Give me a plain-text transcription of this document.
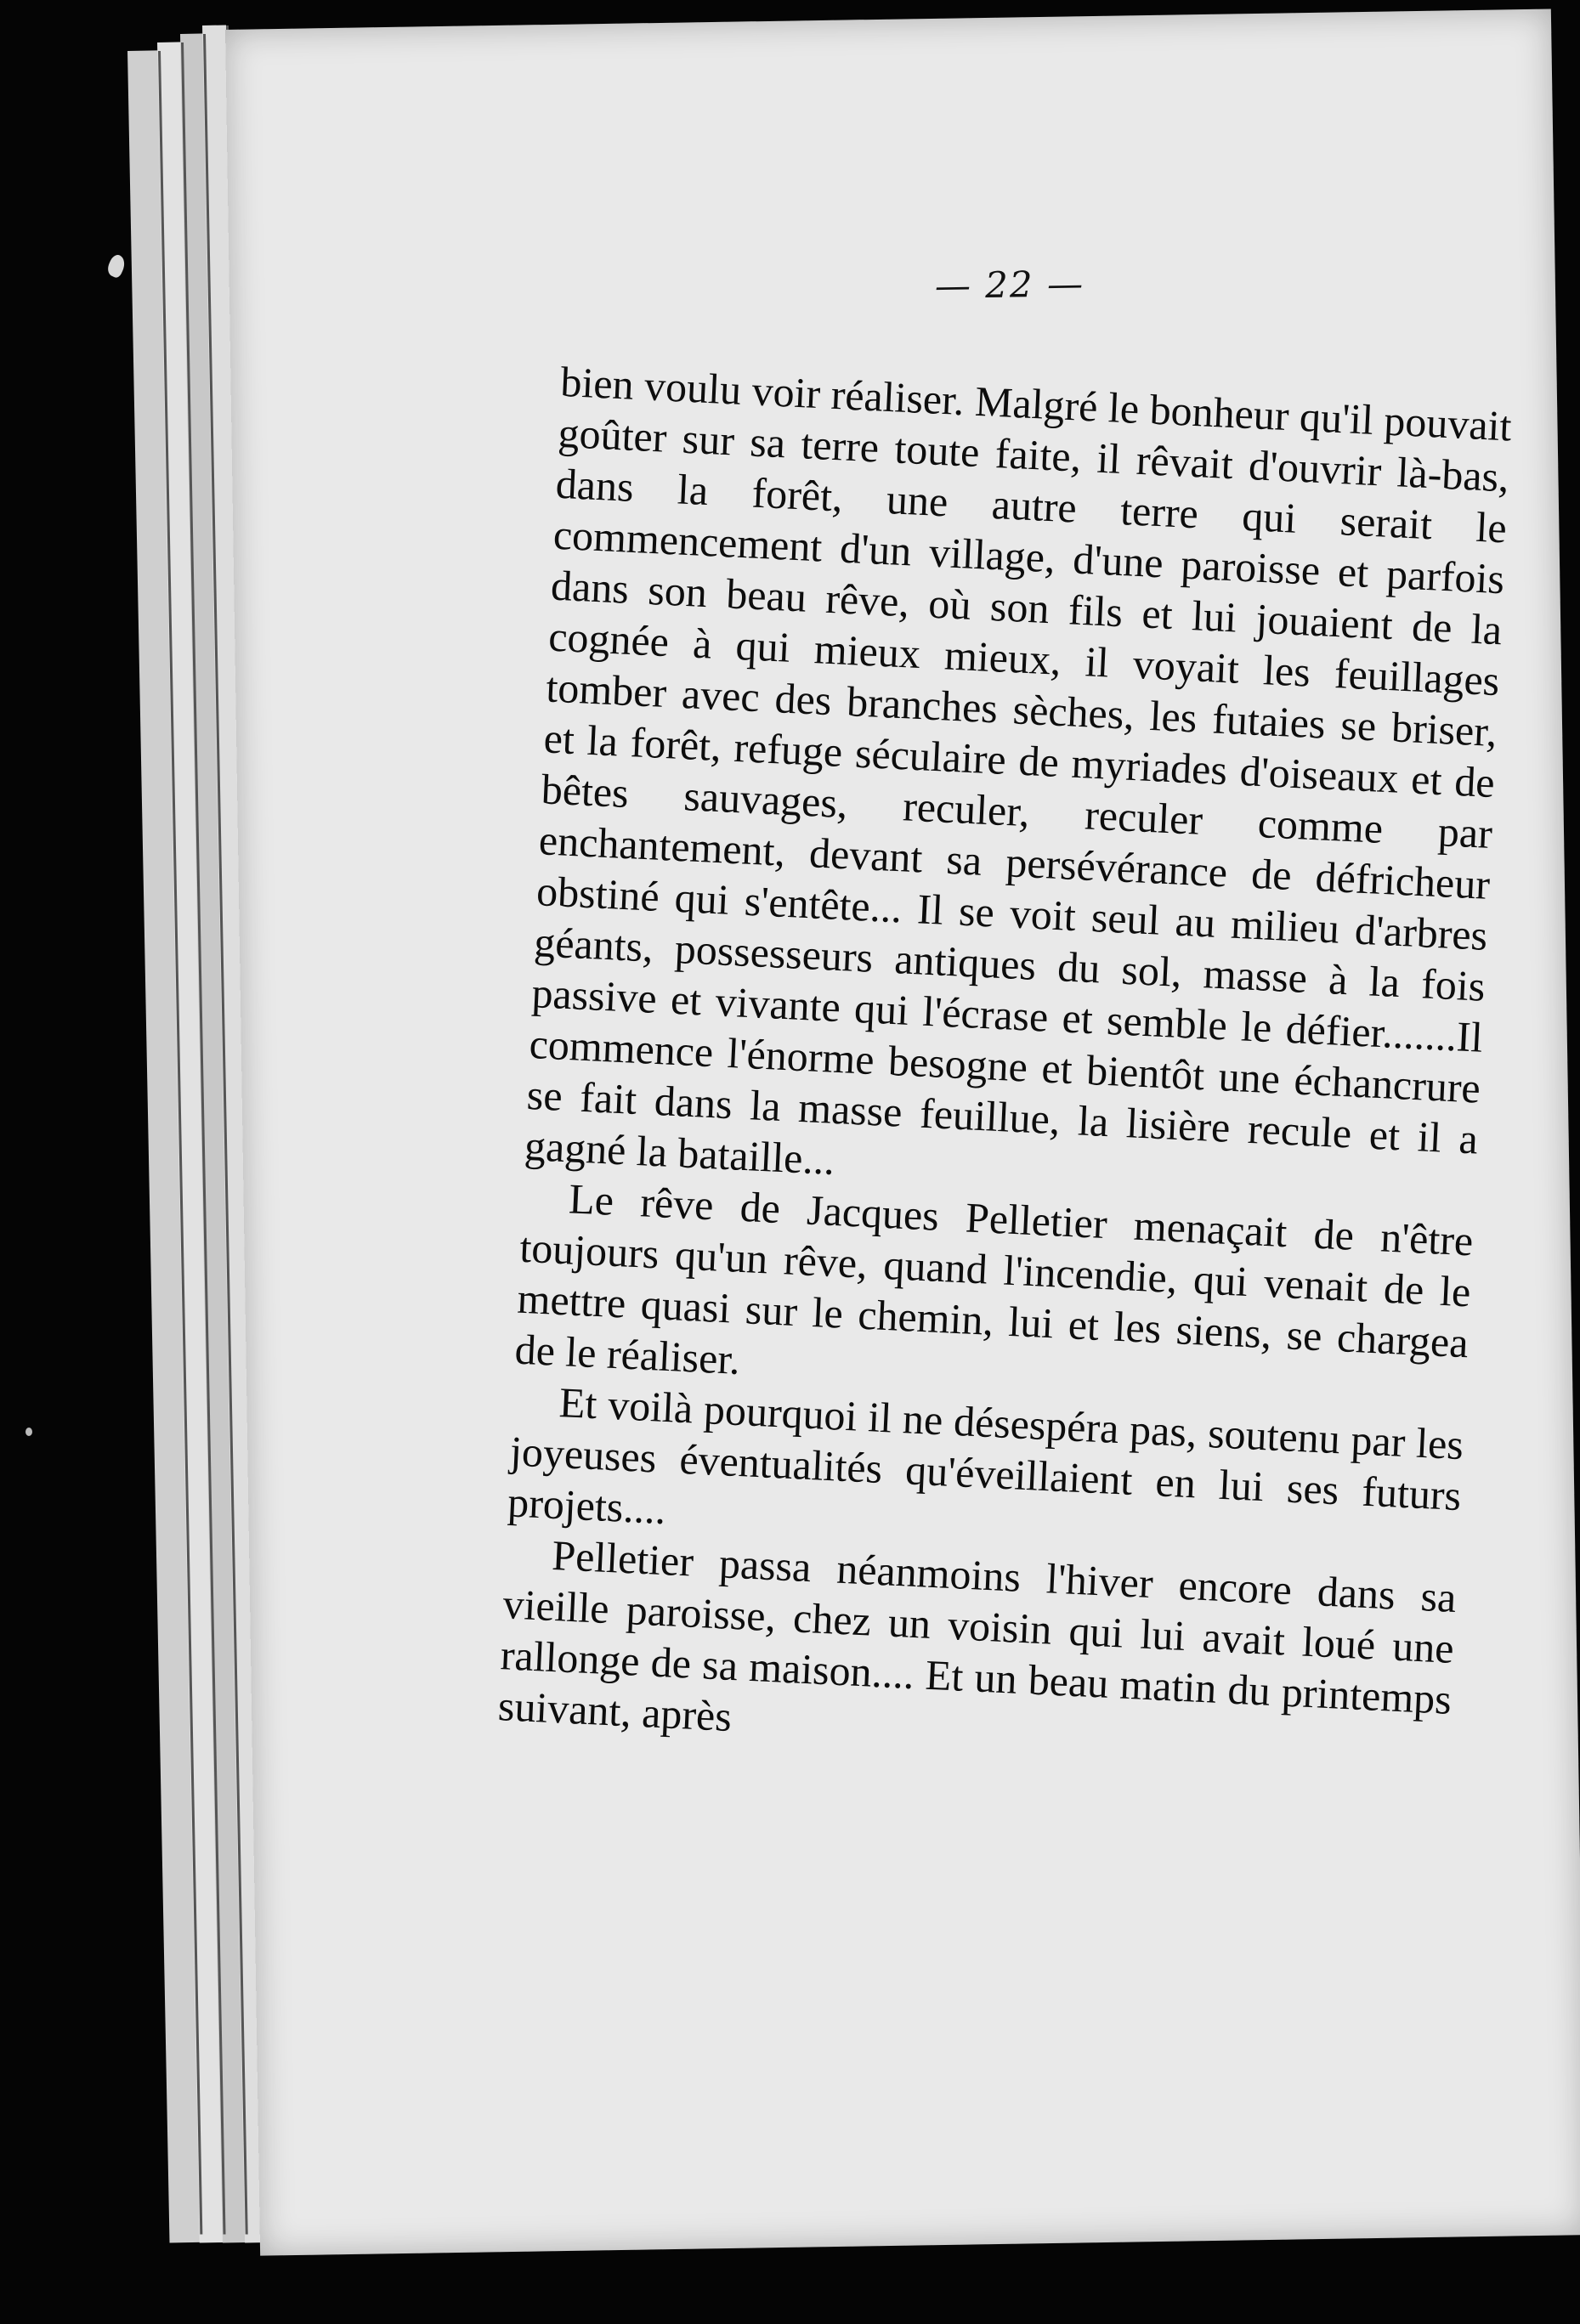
— 22 —

bien voulu voir réaliser. Malgré le bonheur qu'il pouvait goûter sur sa terre toute faite, il rêvait d'ouvrir là-bas, dans la forêt, une autre terre qui serait le commencement d'un village, d'une paroisse et parfois dans son beau rêve, où son fils et lui jouaient de la cognée à qui mieux mieux, il voyait les feuillages tomber avec des branches sèches, les futaies se briser, et la forêt, refuge séculaire de myriades d'oiseaux et de bêtes sauvages, reculer, reculer comme par enchantement, devant sa persévérance de défricheur obstiné qui s'entête... Il se voit seul au milieu d'arbres géants, possesseurs antiques du sol, masse à la fois passive et vivante qui l'écrase et semble le défier.......Il commence l'énorme besogne et bientôt une échancrure se fait dans la masse feuillue, la lisière recule et il a gagné la bataille...

Le rêve de Jacques Pelletier menaçait de n'être toujours qu'un rêve, quand l'incendie, qui venait de le mettre quasi sur le chemin, lui et les siens, se chargea de le réaliser.

Et voilà pourquoi il ne désespéra pas, soutenu par les joyeuses éventualités qu'éveillaient en lui ses futurs projets....

Pelletier passa néanmoins l'hiver encore dans sa vieille paroisse, chez un voisin qui lui avait loué une rallonge de sa maison.... Et un beau matin du printemps suivant, après
